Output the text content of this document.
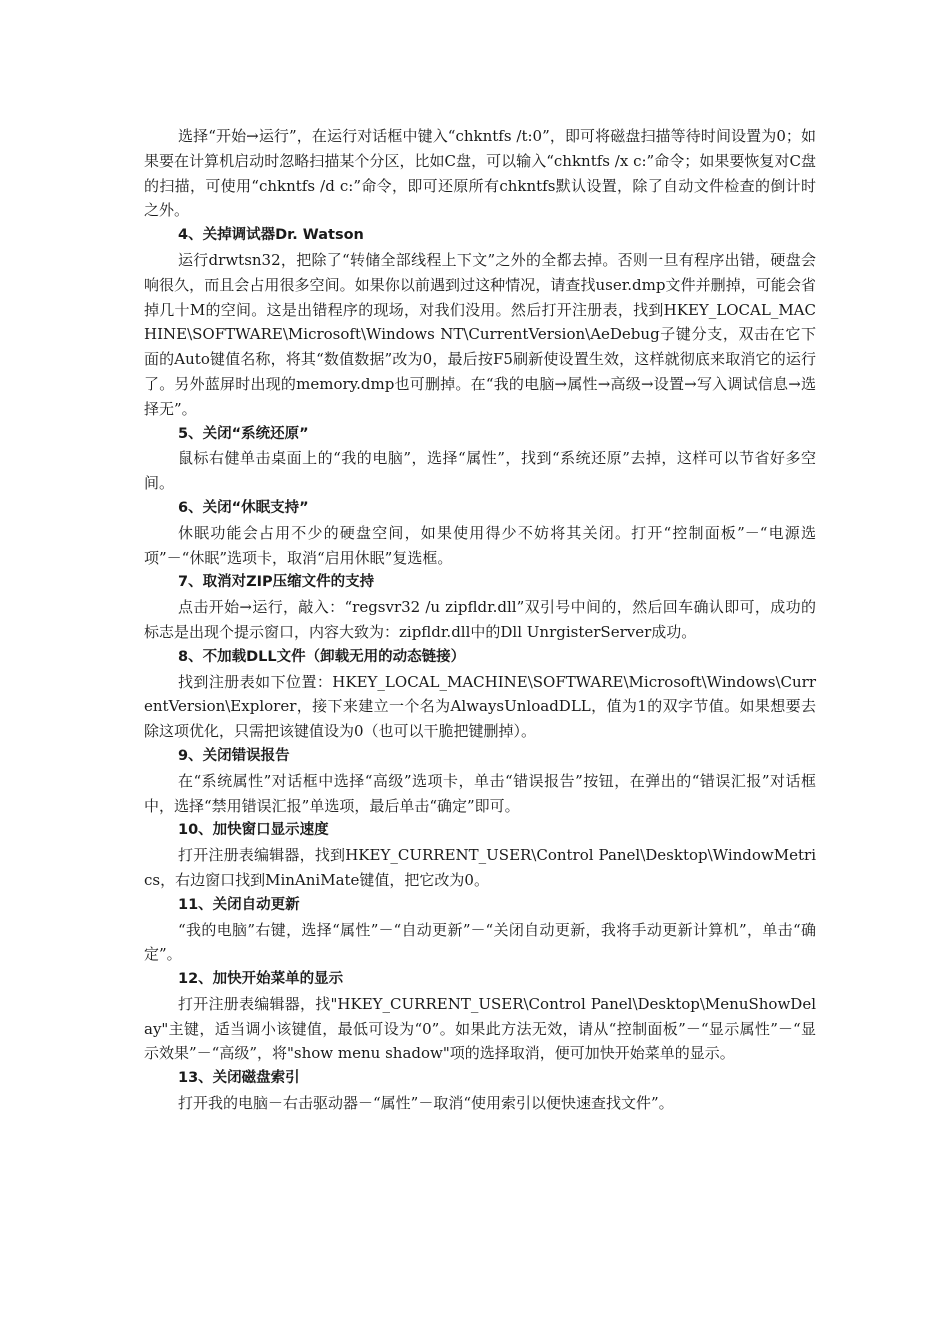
选择“开始→运行”，在运行对话框中键入“chkntfs /t:0”，即可将磁盘扫描等待时间设置为0；如果要在计算机启动时忽略扫描某个分区，比如C盘，可以输入“chkntfs /x c:”命令；如果要恢复对C盘的扫描，可使用“chkntfs /d c:”命令，即可还原所有chkntfs默认设置，除了自动文件检查的倒计时之外。

4、关掉调试器Dr. Watson

运行drwtsn32，把除了“转储全部线程上下文”之外的全都去掉。否则一旦有程序出错，硬盘会响很久，而且会占用很多空间。如果你以前遇到过这种情况，请查找user.dmp文件并删掉，可能会省掉几十M的空间。这是出错程序的现场，对我们没用。然后打开注册表，找到HKEY_LOCAL_MACHINE\SOFTWARE\Microsoft\Windows NT\CurrentVersion\AeDebug子键分支，双击在它下面的Auto键值名称，将其“数值数据”改为0，最后按F5刷新使设置生效，这样就彻底来取消它的运行了。另外蓝屏时出现的memory.dmp也可删掉。在“我的电脑→属性→高级→设置→写入调试信息→选择无”。

5、关闭“系统还原”

鼠标右健单击桌面上的“我的电脑”，选择“属性”，找到“系统还原”去掉，这样可以节省好多空间。

6、关闭“休眠支持”

休眠功能会占用不少的硬盘空间，如果使用得少不妨将其关闭。打开“控制面板”－“电源选项”－“休眠”选项卡，取消“启用休眠”复选框。

7、取消对ZIP压缩文件的支持

点击开始→运行，敲入：“regsvr32 /u zipfldr.dll”双引号中间的，然后回车确认即可，成功的标志是出现个提示窗口，内容大致为：zipfldr.dll中的Dll UnrgisterServer成功。

8、不加载DLL文件（卸载无用的动态链接）

找到注册表如下位置：HKEY_LOCAL_MACHINE\SOFTWARE\Microsoft\Windows\CurrentVersion\Explorer，接下来建立一个名为AlwaysUnloadDLL，值为1的双字节值。如果想要去除这项优化，只需把该键值设为0（也可以干脆把键删掉）。

9、关闭错误报告

在“系统属性”对话框中选择“高级”选项卡，单击“错误报告”按钮，在弹出的“错误汇报”对话框中，选择“禁用错误汇报”单选项，最后单击“确定”即可。

10、加快窗口显示速度

打开注册表编辑器，找到HKEY_CURRENT_USER\Control Panel\Desktop\WindowMetrics，右边窗口找到MinAniMate键值，把它改为0。

11、关闭自动更新

“我的电脑”右键，选择“属性”－“自动更新”－“关闭自动更新，我将手动更新计算机”，单击“确定”。

12、加快开始菜单的显示

打开注册表编辑器，找"HKEY_CURRENT_USER\Control Panel\Desktop\MenuShowDelay"主键，适当调小该键值，最低可设为“0”。如果此方法无效，请从“控制面板”－“显示属性”－“显示效果”－“高级”，将"show menu shadow"项的选择取消，便可加快开始菜单的显示。

13、关闭磁盘索引

打开我的电脑－右击驱动器－“属性”－取消“使用索引以便快速查找文件”。
